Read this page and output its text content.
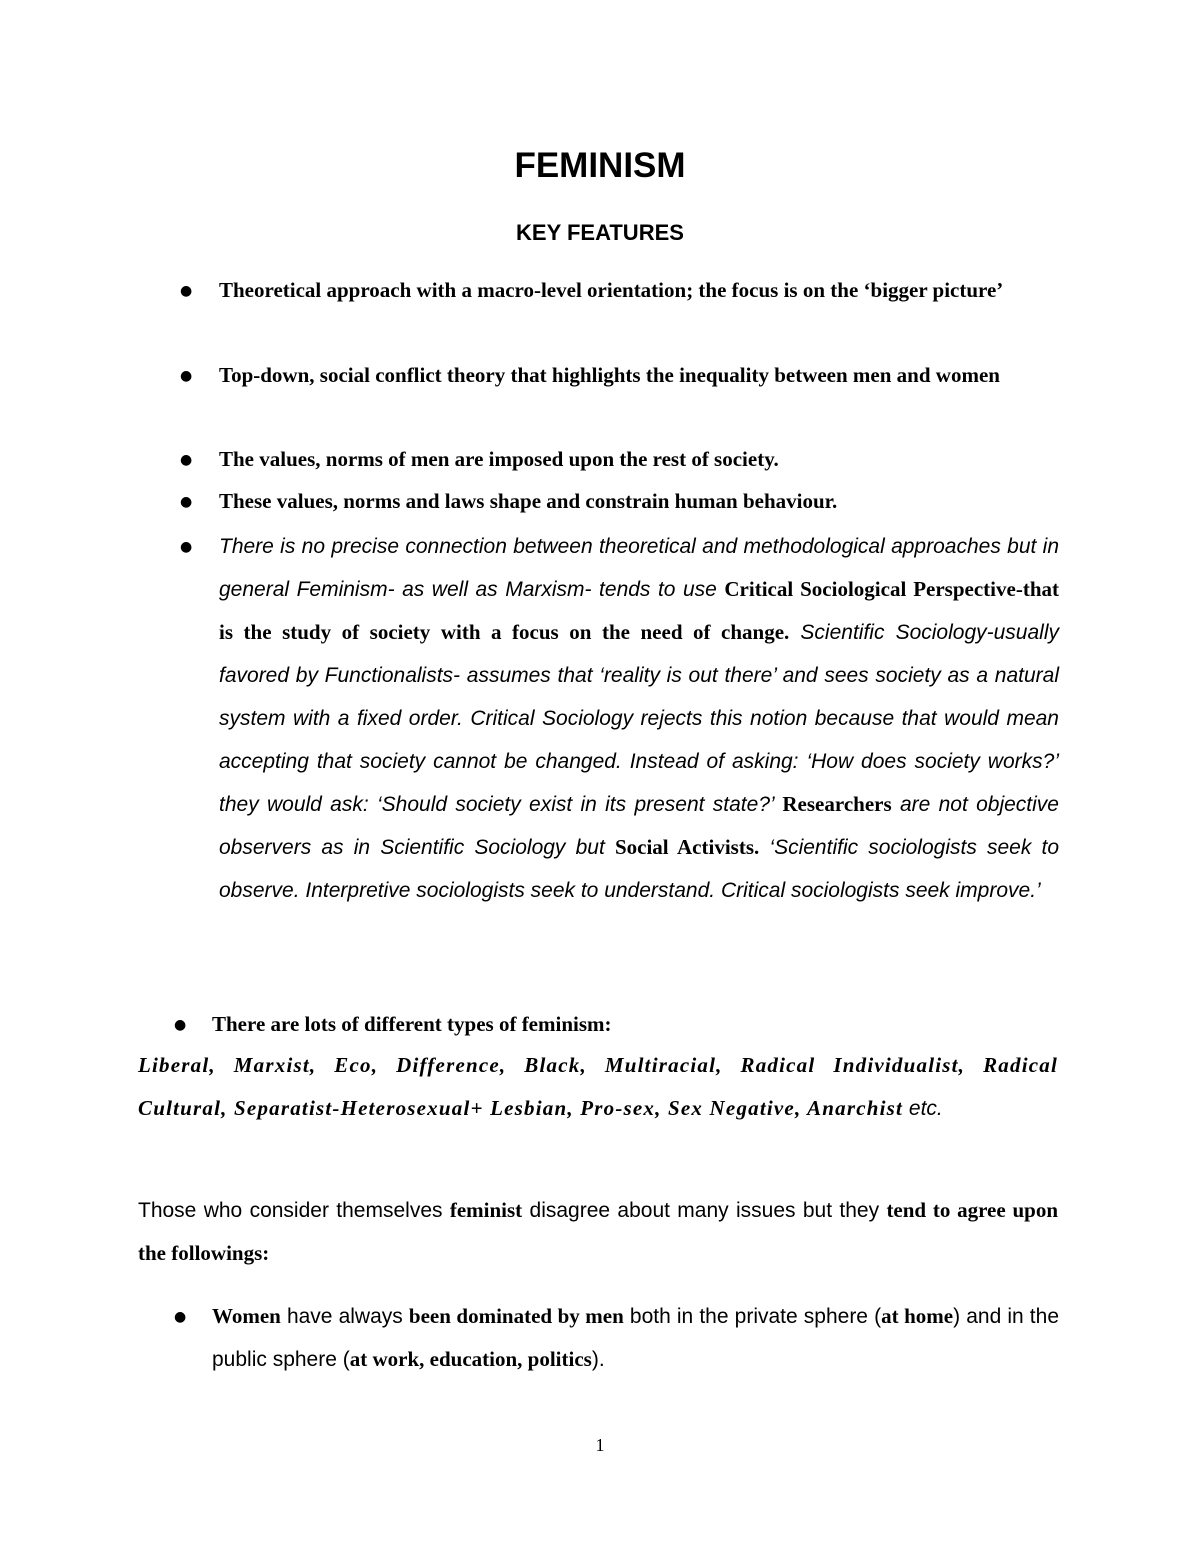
FEMINISM
KEY FEATURES
● Theoretical approach with a macro-level orientation; the focus is on the ‘bigger picture’
● Top-down, social conflict theory that highlights the inequality between men and women
● The values, norms of men are imposed upon the rest of society.
● These values, norms and laws shape and constrain human behaviour.
● There is no precise connection between theoretical and methodological approaches but in general Feminism- as well as Marxism- tends to use Critical Sociological Perspective-that is the study of society with a focus on the need of change. Scientific Sociology-usually favored by Functionalists- assumes that ‘reality is out there’ and sees society as a natural system with a fixed order. Critical Sociology rejects this notion because that would mean accepting that society cannot be changed. Instead of asking: ‘How does society works?’ they would ask: ‘Should society exist in its present state?’ Researchers are not objective observers as in Scientific Sociology but Social Activists. ‘Scientific sociologists seek to observe. Interpretive sociologists seek to understand. Critical sociologists seek improve.’
● There are lots of different types of feminism:
Liberal, Marxist, Eco, Difference, Black, Multiracial, Radical Individualist, Radical Cultural, Separatist-Heterosexual+ Lesbian, Pro-sex, Sex Negative, Anarchist etc.
Those who consider themselves feminist disagree about many issues but they tend to agree upon the followings:
● Women have always been dominated by men both in the private sphere (at home) and in the public sphere (at work, education, politics).
1
